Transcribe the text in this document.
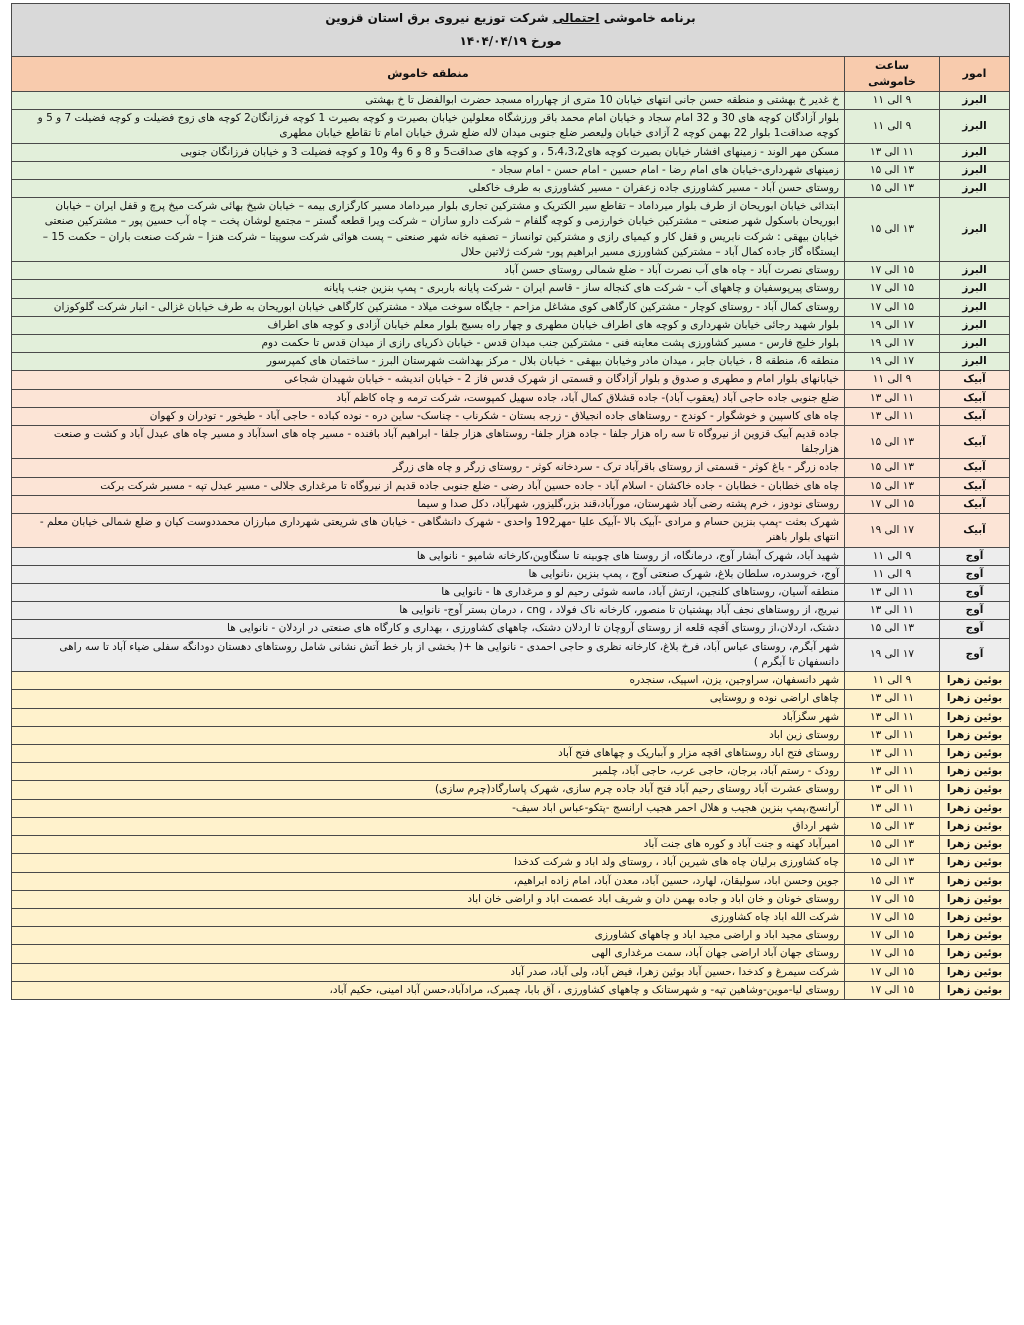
برنامه خاموشی احتمالی شرکت توزیع نیروی برق استان قزوین
مورخ ۱۴۰۴/۰۴/۱۹		

امور	ساعت خاموشی	منطقه خاموش
البرز	۹ الی ۱۱	خ غدیر خ بهشتی و منطقه حسن جانی انتهای خیابان 10 متری از چهارراه مسجد حضرت ابوالفضل تا خ بهشتی
البرز	۹ الی ۱۱	بلوار آزادگان کوچه های 30 و 32 امام سجاد و خیابان امام محمد باقر ورزشگاه معلولین خیابان بصیرت و کوچه بصیرت 1 کوچه فرزانگان2 کوچه های زوج فضیلت و کوچه فضیلت 7 و 5 و کوچه صداقت1 بلوار 22 بهمن کوچه 2 آزادی خیابان ولیعصر ضلع جنوبی میدان لاله ضلع شرق خیابان امام تا تقاطع خیابان مطهری
البرز	۱۱ الی ۱۳	مسکن مهر الوند - زمینهای افشار خیابان بصیرت کوچه های5،4،3،2 ، و کوچه های صداقت5 و 8 و 6 و4 و10 و کوچه فضیلت 3 و خیابان فرزانگان جنوبی
البرز	۱۳ الی ۱۵	زمینهای شهرداری-خیابان های امام رضا - امام حسین - امام حسن - امام سجاد -
البرز	۱۳ الی ۱۵	روستای حسن آباد - مسیر کشاورزی جاده زعفران - مسیر کشاورزی به طرف خاکعلی
البرز	۱۳ الی ۱۵	ابتدائی خیابان ابوریحان از طرف بلوار میرداماد – تقاطع سیر الکتریک و مشترکین تجاری بلوار میرداماد مسیر کارگزاری بیمه – خیابان شیخ بهائی شرکت میخ پرچ و قفل ایران – خیابان ابوریحان باسکول شهر صنعتی – مشترکین خیابان خوارزمی و کوچه گلفام – شرکت دارو سازان – شرکت ویرا قطعه گستر – مجتمع لوشان پخت – چاه آب حسین پور – مشترکین صنعتی خیابان بیهقی : شرکت نابریس و قفل کار و کیمیای رازی و مشترکین توانساز – تصفیه خانه شهر صنعتی – پست هوائی شرکت سوپیتا – شرکت هنزا – شرکت صنعت باران – حکمت 15 – ایستگاه گاز جاده کمال آباد – مشترکین کشاورزی مسیر ابراهیم پور- شرکت ژلاتین حلال
البرز	۱۵ الی ۱۷	روستای نصرت آباد - چاه های آب نصرت آباد - ضلع شمالی روستای حسن آباد
البرز	۱۵ الی ۱۷	روستای پیرپوسفیان و چاههای آب - شرکت های کنجاله ساز - قاسم ایران - شرکت پایانه باربری - پمپ بنزین جنب پایانه
البرز	۱۵ الی ۱۷	روستای کمال آباد - روستای کوچار - مشترکین کارگاهی کوی مشاغل مزاحم - جایگاه سوخت میلاد - مشترکین کارگاهی خیابان ابوریحان به طرف خیابان غزالی - انبار شرکت گلوکوزان
البرز	۱۷ الی ۱۹	بلوار شهید رجائی خیابان شهرداری و کوچه های اطراف خیابان مطهری و چهار راه بسیج بلوار معلم خیابان آزادی و کوچه های اطراف
البرز	۱۷ الی ۱۹	بلوار خلیج فارس - مسیر کشاورزی پشت معاینه فنی - مشترکین جنب میدان قدس - خیابان ذکریای رازی از میدان قدس تا حکمت دوم
البرز	۱۷ الی ۱۹	منطقه 6، منطقه 8 ، خیابان جابر ، میدان مادر وخیابان بیهقی - خیابان بلال - مرکز بهداشت شهرستان البرز - ساختمان های کمپرسور
آبیک	۹ الی ۱۱	خیابانهای بلوار امام و مطهری و صدوق و بلوار آزادگان و قسمتی از شهرک قدس فاز 2 - خیابان اندیشه - خیابان شهیدان شجاعی
آبیک	۱۱ الی ۱۳	ضلع جنوبی جاده حاجی آباد (یعقوب آباد)- جاده قشلاق کمال آباد، جاده سهیل کمپوست، شرکت ترمه و چاه کاظم آباد
آبیک	۱۱ الی ۱۳	چاه های کاسپین و خوشگوار - کوندج - روستاهای جاده انجیلاق - زرجه بستان - شکرناب - چناسک- ساین دره - نوده کباده - حاجی آباد - طیخور - تودران و کهوان
آبیک	۱۳ الی ۱۵	جاده قدیم آبیک قزوین از نیروگاه تا سه راه هزار جلفا - جاده هزار جلفا- روستاهای هزار جلفا - ابراهیم آباد بافنده - مسیر چاه های اسدآباد و مسیر چاه های عبدل آباد و کشت و صنعت هزارجلفا
آبیک	۱۳ الی ۱۵	جاده زرگر - باغ کوثر - قسمتی از روستای باقرآباد ترک - سردخانه کوثر - روستای زرگر و چاه های زرگر
آبیک	۱۳ الی ۱۵	چاه های خطابان - خطابان - جاده خاکشان - اسلام آباد - جاده حسین آباد رضی - ضلع جنوبی جاده قدیم از نیروگاه تا مرغداری جلالی - مسیر عبدل تپه - مسیر شرکت برکت
آبیک	۱۵ الی ۱۷	روستای نودوز ، خرم پشته رضی آباد شهرستان، مورآباد،قند بزر،گلیزور، شهرآباد، دکل صدا و سیما
آبیک	۱۷ الی ۱۹	شهرک بعثت -پمپ بنزین حسام و مرادی -آبیک بالا -آبیک علیا -مهر192 واحدی - شهرک دانشگاهی - خیابان های شریعتی شهرداری مبارزان محمددوست کیان و ضلع شمالی خیابان معلم - انتهای بلوار باهنر
آوج	۹ الی ۱۱	شهید آباد، شهرک آبشار آوج، درمانگاه، از روستا های چوبینه تا سنگاوین،کارخانه شامپو - نانوایی ها
آوج	۹ الی ۱۱	آوج، خروسدره، سلطان بلاغ، شهرک صنعتی آوج ، پمپ بنزین ،نانوایی ها
آوج	۱۱ الی ۱۳	منطقه آسیان، روستاهای کلنجین، ارتش آباد، ماسه شوئی رحیم لو و مرغداری ها - نانوایی ها
آوج	۱۱ الی ۱۳	نیریج، از روستاهای نجف آباد بهشتیان تا منصور، کارخانه ناک فولاد ، cng ، درمان بستر آوج- نانوایی ها
آوج	۱۳ الی ۱۵	دشتک، اردلان،از روستای آقچه قلعه از روستای آروچان تا اردلان دشتک، چاههای کشاورزی ، بهداری و کارگاه های صنعتی در اردلان - نانوایی ها
آوج	۱۷ الی ۱۹	شهر آبگرم، روستای عباس آباد، فرخ بلاغ، کارخانه نظری و حاجی احمدی - نانوایی ها +( بخشی از بار خط آتش نشانی شامل روستاهای دهستان دودانگه سفلی ضیاء آباد تا سه راهی دانسفهان تا آبگرم )
بوئین زهرا	۹ الی ۱۱	شهر دانسفهان، سراوجین، یزن، اسپیک، سنجدره
بوئین زهرا	۱۱ الی ۱۳	چاهای اراضی نوده و روستایی
بوئین زهرا	۱۱ الی ۱۳	شهر سگزآباد
بوئین زهرا	۱۱ الی ۱۳	روستای زین اباد
بوئین زهرا	۱۱ الی ۱۳	روستای فتح اباد روستاهای اقچه مزار و آبباریک و چهاهای فتح آباد
بوئین زهرا	۱۱ الی ۱۳	رودک - رستم آباد، برجان، حاجی عرب، حاجی آباد، چلمبر
بوئین زهرا	۱۱ الی ۱۳	روستای عشرت آباد روستای رحیم آباد فتح آباد جاده چرم سازی، شهرک پاسارگاد(چرم سازی)
بوئین زهرا	۱۱ الی ۱۳	آرانسج،پمپ بنزین هجیب و هلال احمر هجیب ارانسج -پتکو-عباس اباد سیف-
بوئین زهرا	۱۳ الی ۱۵	شهر ارداق
بوئین زهرا	۱۳ الی ۱۵	امیرآباد کهنه و جنت آباد و کوره های جنت آباد
بوئین زهرا	۱۳ الی ۱۵	چاه کشاورزی برلیان چاه های شیرین آباد ، روستای ولد اباد و شرکت کدخدا
بوئین زهرا	۱۳ الی ۱۵	جوین وحسن اباد، سولیقان، لهارد، حسین آباد، معدن آباد، امام زاده ابراهیم،
بوئین زهرا	۱۵ الی ۱۷	روستای خونان و خان اباد و جاده بهمن دان و شریف اباد عصمت اباد و اراضی خان اباد
بوئین زهرا	۱۵ الی ۱۷	شرکت الله اباد چاه کشاورزی
بوئین زهرا	۱۵ الی ۱۷	روستای مجید اباد و اراضی مجید اباد و چاههای کشاورزی
بوئین زهرا	۱۵ الی ۱۷	روستای جهان آباد اراضی جهان آباد، سمت مرغداری الهی
بوئین زهرا	۱۵ الی ۱۷	شرکت سیمرغ و کدخدا ،حسین آباد بوئین زهرا، فیض آباد، ولی آباد، صدر آباد
بوئین زهرا	۱۵ الی ۱۷	روستای لیا-موین-وشاهین تپه- و شهرستانک و چاههای کشاورزی ، آق بابا، چمبرک، مرادآباد،حسن آباد امینی، حکیم آباد،
